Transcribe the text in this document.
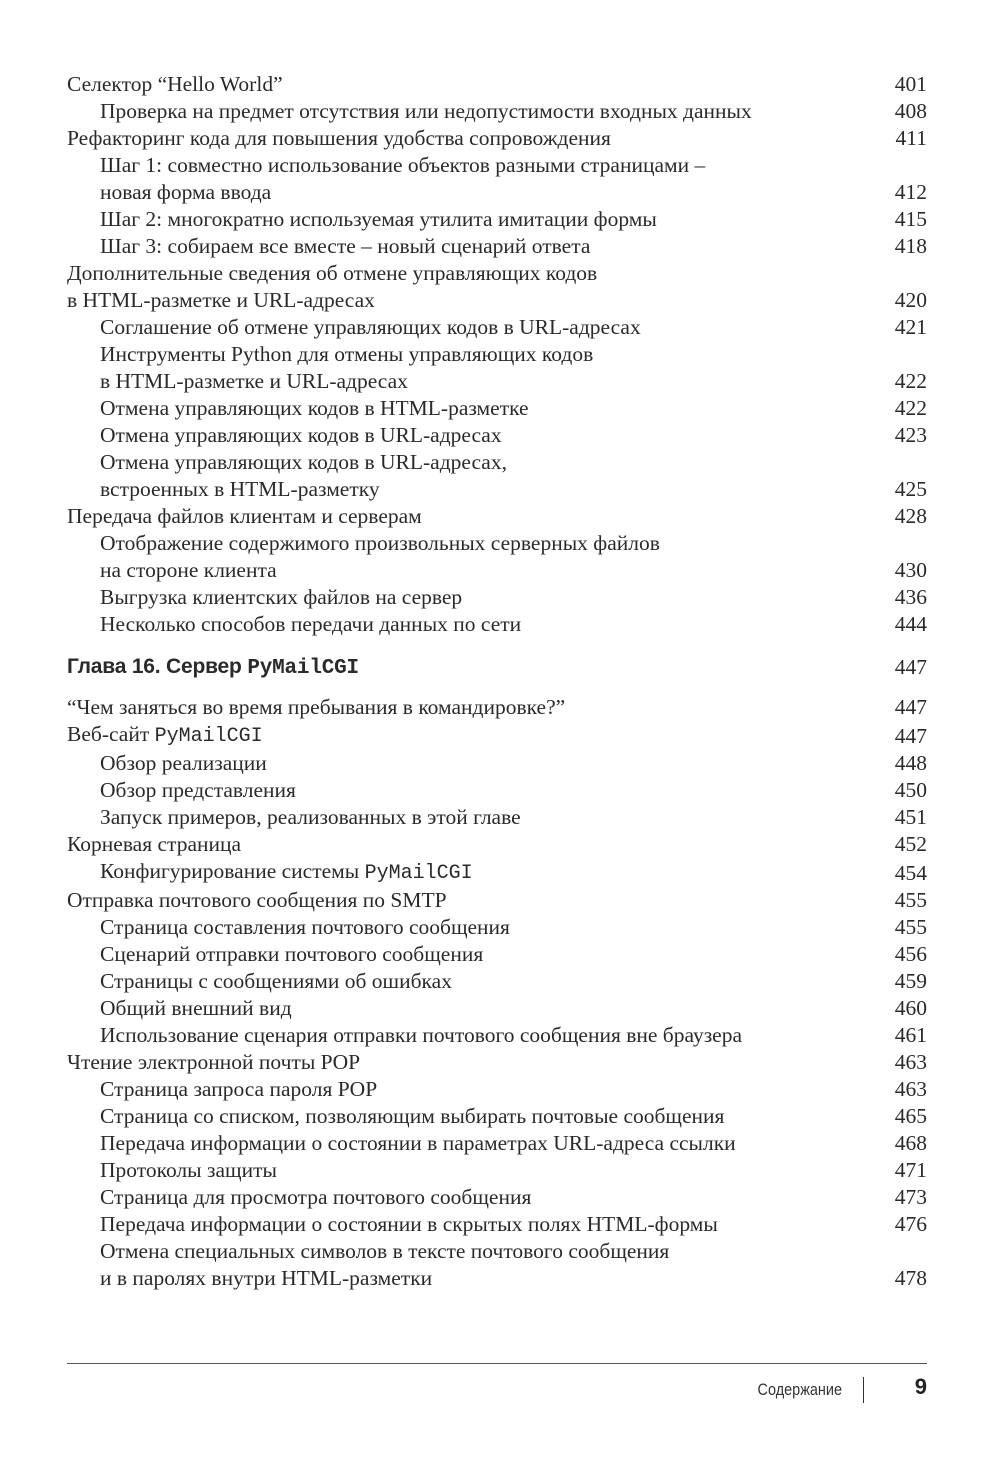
Селектор “Hello World”	401
Проверка на предмет отсутствия или недопустимости входных данных	408
Рефакторинг кода для повышения удобства сопровождения	411
Шаг 1: совместно использование объектов разными страницами –
новая форма ввода	412
Шаг 2: многократно используемая утилита имитации формы	415
Шаг 3: собираем все вместе – новый сценарий ответа	418
Дополнительные сведения об отмене управляющих кодов
в HTML-разметке и URL-адресах	420
Соглашение об отмене управляющих кодов в URL-адресах	421
Инструменты Python для отмены управляющих кодов
в HTML-разметке и URL-адресах	422
Отмена управляющих кодов в HTML-разметке	422
Отмена управляющих кодов в URL-адресах	423
Отмена управляющих кодов в URL-адресах,
встроенных в HTML-разметку	425
Передача файлов клиентам и серверам	428
Отображение содержимого произвольных серверных файлов
на стороне клиента	430
Выгрузка клиентских файлов на сервер	436
Несколько способов передачи данных по сети	444
Глава 16. Сервер PyMailCGI	447
“Чем заняться во время пребывания в командировке?”	447
Веб-сайт PyMailCGI	447
Обзор реализации	448
Обзор представления	450
Запуск примеров, реализованных в этой главе	451
Корневая страница	452
Конфигурирование системы PyMailCGI	454
Отправка почтового сообщения по SMTP	455
Страница составления почтового сообщения	455
Сценарий отправки почтового сообщения	456
Страницы с сообщениями об ошибках	459
Общий внешний вид	460
Использование сценария отправки почтового сообщения вне браузера	461
Чтение электронной почты POP	463
Страница запроса пароля POP	463
Страница со списком, позволяющим выбирать почтовые сообщения	465
Передача информации о состоянии в параметрах URL-адреса ссылки	468
Протоколы защиты	471
Страница для просмотра почтового сообщения	473
Передача информации о состоянии в скрытых полях HTML-формы	476
Отмена специальных символов в тексте почтового сообщения
и в паролях внутри HTML-разметки	478
Содержание	9
